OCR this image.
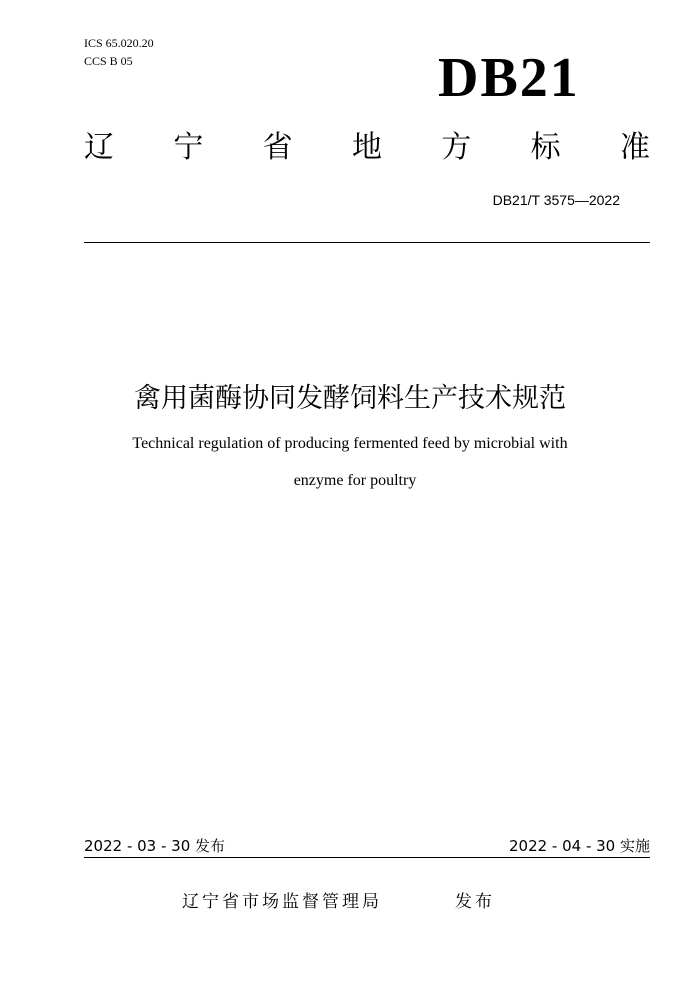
ICS 65.020.20
CCS B 05	DB21
辽 宁 省 地 方 标 准
DB21/T 3575—2022
禽用菌酶协同发酵饲料生产技术规范
Technical regulation of producing fermented feed by microbial with
enzyme for poultry
2022 - 03 - 30 发布	2022 - 04 - 30 实施
辽宁省市场监督管理局	发布
